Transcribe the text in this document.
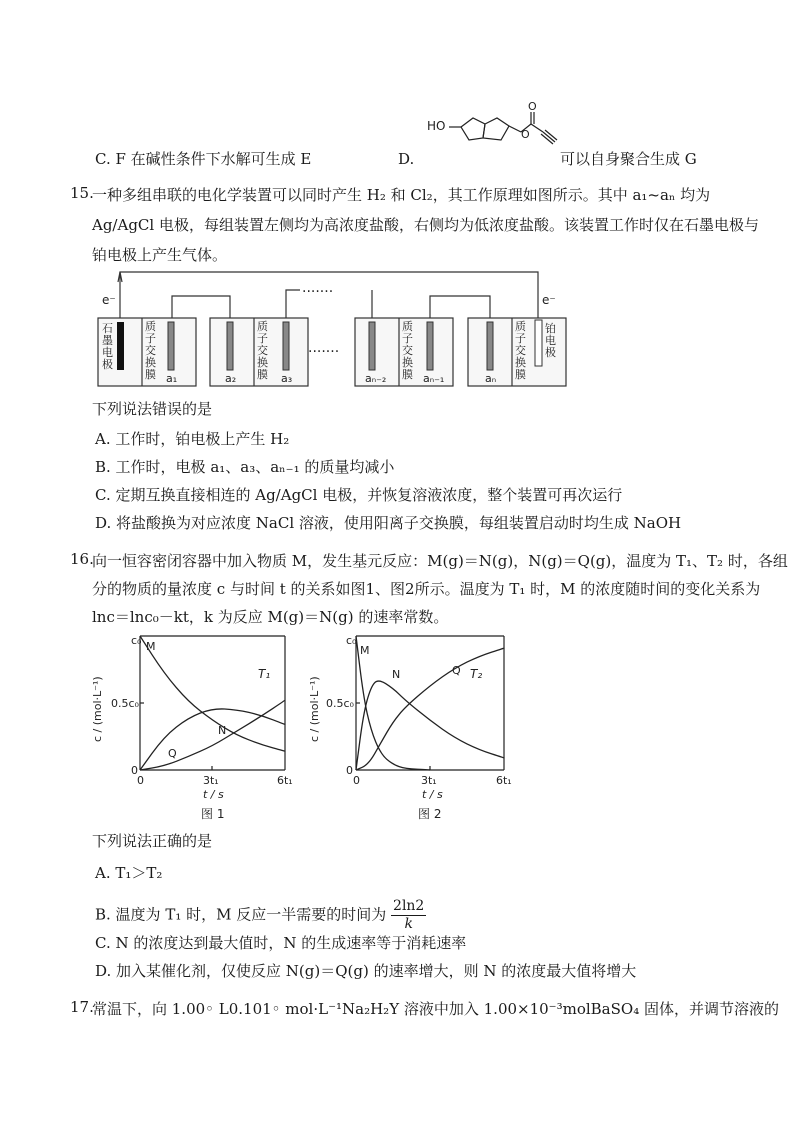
C. F 在碱性条件下水解可生成 E	D.
HO
O
O
可以自身聚合生成 G
15.
一种多组串联的电化学装置可以同时产生 H₂ 和 Cl₂，其工作原理如图所示。其中 a₁~aₙ 均为
Ag/AgCl 电极，每组装置左侧均为高浓度盐酸，右侧均为低浓度盐酸。该装置工作时仅在石墨电极与
铂电极上产生气体。
e⁻	e⁻
·······
·······
石
墨
电
极
质
子
交
换
膜
质
子
交
换
膜
质
子
交
换
膜
质
子
交
换
膜
铂
电
极
a₁	a₂	a₃	aₙ₋₂	aₙ₋₁	aₙ
下列说法错误的是
A. 工作时，铂电极上产生 H₂
B. 工作时，电极 a₁、a₃、aₙ₋₁ 的质量均减小
C. 定期互换直接相连的 Ag/AgCl 电极，并恢复溶液浓度，整个装置可再次运行
D. 将盐酸换为对应浓度 NaCl 溶液，使用阳离子交换膜，每组装置启动时均生成 NaOH
16.
向一恒容密闭容器中加入物质 M，发生基元反应：M(g)＝N(g)，N(g)＝Q(g)，温度为 T₁、T₂ 时，各组
分的物质的量浓度 c 与时间 t 的关系如图1、图2所示。温度为 T₁ 时，M 的浓度随时间的变化关系为
lnc＝lnc₀－kt，k 为反应 M(g)＝N(g) 的速率常数。
c₀
0.5c₀
0
0	3t₁	6t₁
t / s
c / (mol·L⁻¹)
T₁
图 1
M
N
Q
c₀
0.5c₀
0
0	3t₁	6t₁
t / s
c / (mol·L⁻¹)
T₂
图 2
M
N	Q
下列说法正确的是
A. T₁＞T₂
B. 温度为 T₁ 时，M 反应一半需要的时间为 $\frac{2\ln 2}{k}$
C. N 的浓度达到最大值时，N 的生成速率等于消耗速率
D. 加入某催化剂，仅使反应 N(g)＝Q(g) 的速率增大，则 N 的浓度最大值将增大
17.
常温下，向 1.00◦ L0.101◦ mol·L⁻¹Na₂H₂Y 溶液中加入 1.00×10⁻³molBaSO₄ 固体，并调节溶液的
